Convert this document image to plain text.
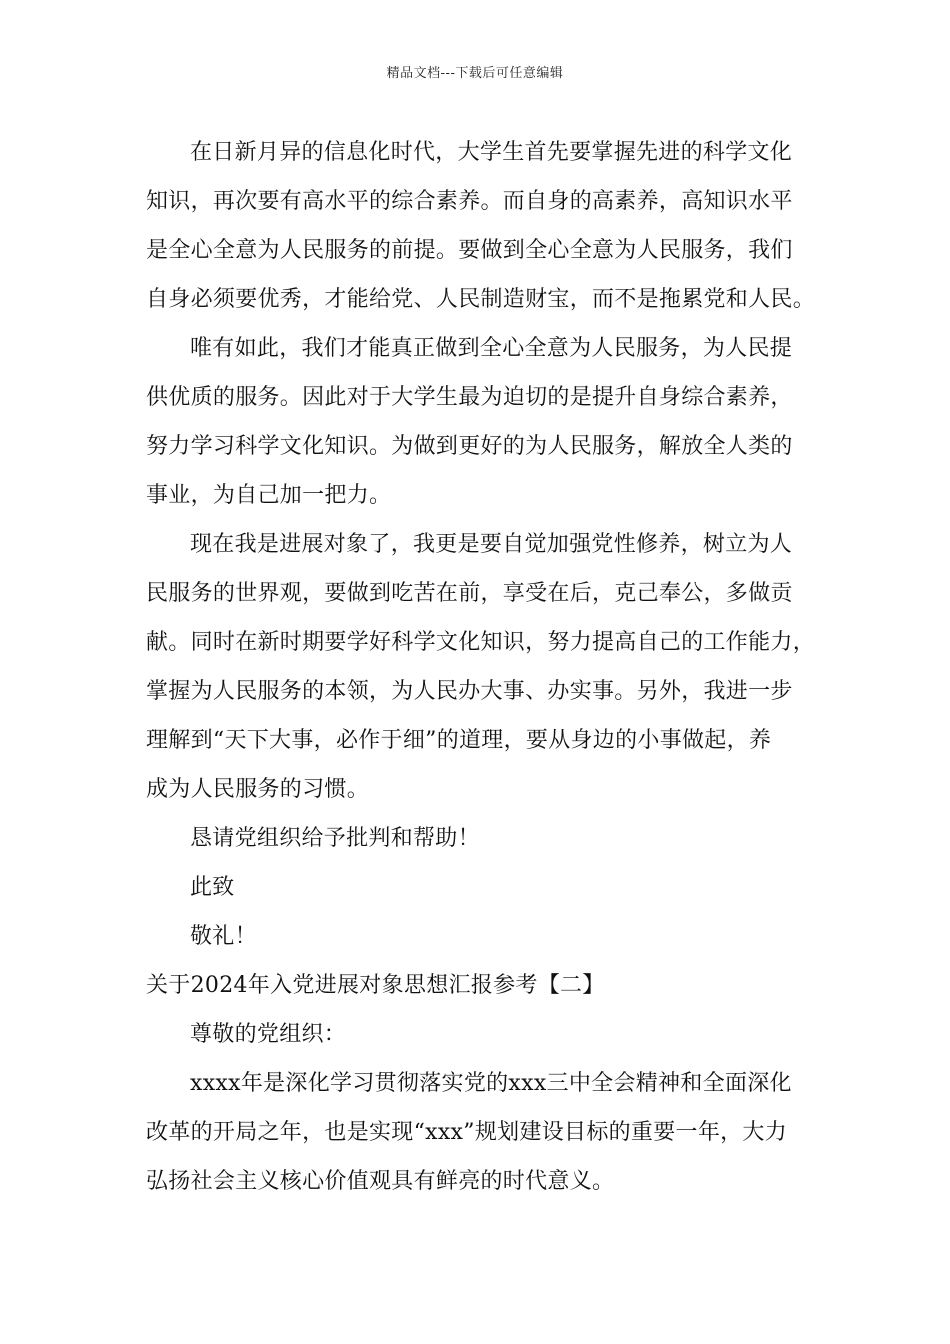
精品文档---下载后可任意编辑
在日新月异的信息化时代，大学生首先要掌握先进的科学文化
知识，再次要有高水平的综合素养。而自身的高素养，高知识水平
是全心全意为人民服务的前提。要做到全心全意为人民服务，我们
自身必须要优秀，才能给党、人民制造财宝，而不是拖累党和人民。
唯有如此，我们才能真正做到全心全意为人民服务，为人民提
供优质的服务。因此对于大学生最为迫切的是提升自身综合素养，
努力学习科学文化知识。为做到更好的为人民服务，解放全人类的
事业，为自己加一把力。
现在我是进展对象了，我更是要自觉加强党性修养，树立为人
民服务的世界观，要做到吃苦在前，享受在后，克己奉公，多做贡
献。同时在新时期要学好科学文化知识，努力提高自己的工作能力，
掌握为人民服务的本领，为人民办大事、办实事。另外，我进一步
理解到“天下大事，必作于细”的道理，要从身边的小事做起，养
成为人民服务的习惯。
恳请党组织给予批判和帮助！
此致
敬礼！
关于2024年入党进展对象思想汇报参考【二】
尊敬的党组织：
xxxx年是深化学习贯彻落实党的xxx三中全会精神和全面深化
改革的开局之年，也是实现“xxx”规划建设目标的重要一年，大力
弘扬社会主义核心价值观具有鲜亮的时代意义。
